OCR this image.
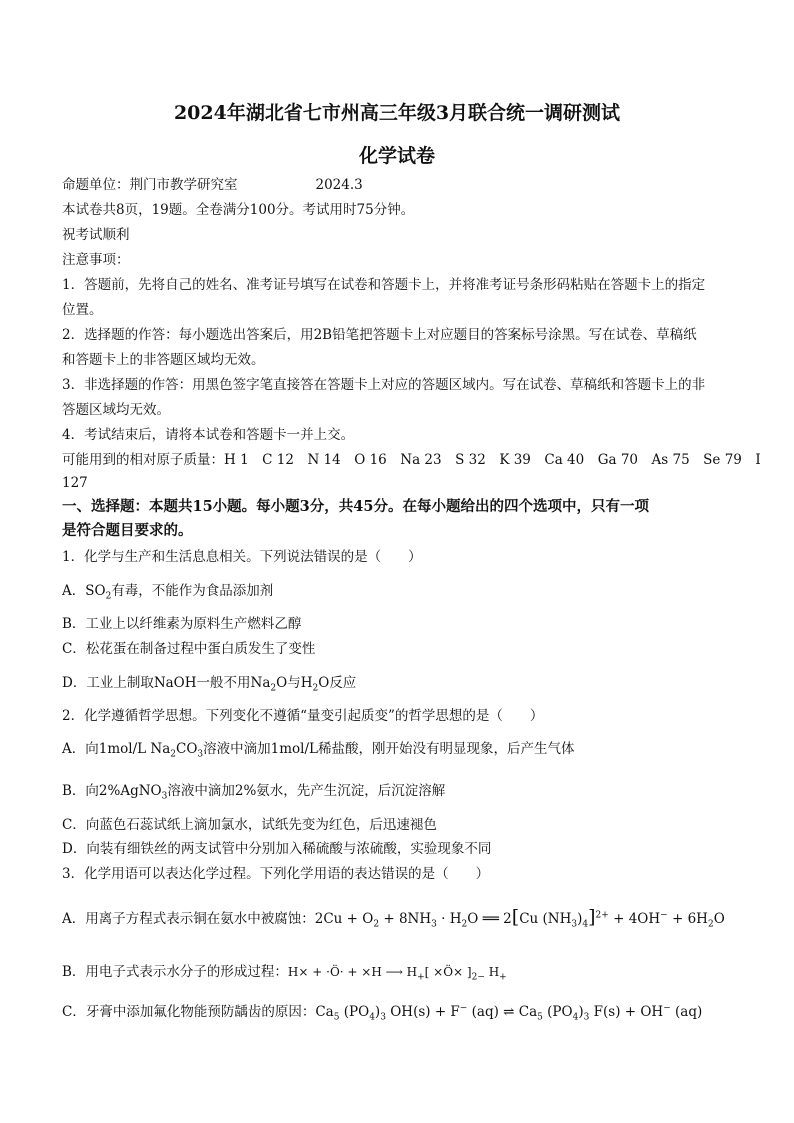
2024年湖北省七市州高三年级3月联合统一调研测试
化学试卷
命题单位：荆门市教学研究室	2024.3
本试卷共8页，19题。全卷满分100分。考试用时75分钟。
祝考试顺利
注意事项：
1．答题前，先将自己的姓名、准考证号填写在试卷和答题卡上，并将准考证号条形码粘贴在答题卡上的指定
位置。
2．选择题的作答：每小题选出答案后，用2B铅笔把答题卡上对应题目的答案标号涂黑。写在试卷、草稿纸
和答题卡上的非答题区域均无效。
3．非选择题的作答：用黑色签字笔直接答在答题卡上对应的答题区域内。写在试卷、草稿纸和答题卡上的非
答题区域均无效。
4．考试结束后，请将本试卷和答题卡一并上交。
可能用到的相对原子质量：H 1　C 12　N 14　O 16　Na 23　S 32　K 39　Ca 40　Ga 70　As 75　Se 79　I
127
一、选择题：本题共15小题。每小题3分，共45分。在每小题给出的四个选项中，只有一项
是符合题目要求的。
1．化学与生产和生活息息相关。下列说法错误的是（　　）
A．$SO_2$有毒，不能作为食品添加剂
B．工业上以纤维素为原料生产燃料乙醇
C．松花蛋在制备过程中蛋白质发生了变性
D．工业上制取NaOH一般不用$Na_2O$与$H_2O$反应
2．化学遵循哲学思想。下列变化不遵循“量变引起质变”的哲学思想的是（　　）
A．向1mol/L $Na_2CO_3$溶液中滴加1mol/L稀盐酸，刚开始没有明显现象，后产生气体
B．向2%AgNO$_3$溶液中滴加2%氨水，先产生沉淀，后沉淀溶解
C．向蓝色石蕊试纸上滴加氯水，试纸先变为红色，后迅速褪色
D．向装有细铁丝的两支试管中分别加入稀硫酸与浓硫酸，实验现象不同
3．化学用语可以表达化学过程。下列化学用语的表达错误的是（　　）
A．用离子方程式表示铜在氨水中被腐蚀：$2Cu + O_2 + 8NH_3 \cdot H_2O$ ══ 2[Cu $(NH_3)_4]^{2+} + 4OH^- + 6H_2O$
B．用电子式表示水分子的形成过程：H× + ·Ö· + ×H ⟶ $H_+$[ ×Ö× ]$_{2-}$ $H_+$
C．牙膏中添加氟化物能预防龋齿的原因：$Ca_5$ $(PO_4)_3$ OH(s) + F− (aq) ⇌ $Ca_5$ $(PO_4)_3$ F(s) + OH− (aq)
